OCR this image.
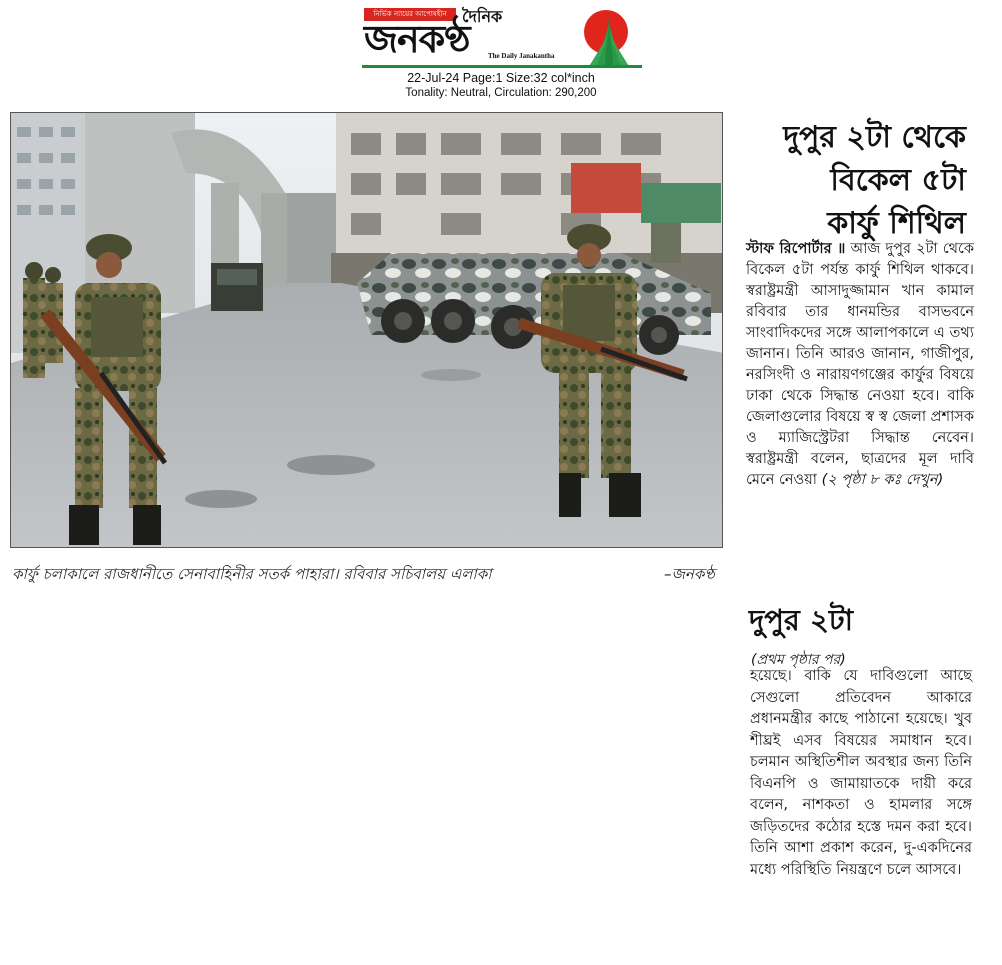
নির্ভিক ন্যায়ের আপোষহীন দৈনিক
জনকণ্ঠ	The Daily Janakantha
22-Jul-24 Page:1 Size:32 col*inch
Tonality: Neutral, Circulation: 290,200
কার্ফু চলাকালে রাজধানীতে সেনাবাহিনীর সতর্ক পাহারা। রবিবার সচিবালয় এলাকা	–জনকণ্ঠ
দুপুর ২টা থেকে
বিকেল ৫টা
কার্ফু শিথিল
স্টাফ রিপোর্টার ॥ আজ দুপুর ২টা থেকে বিকেল ৫টা পর্যন্ত কার্ফু শিথিল থাকবে। স্বরাষ্ট্রমন্ত্রী আসাদুজ্জামান খান কামাল রবিবার তার ধানমন্ডির বাসভবনে সাংবাদিকদের সঙ্গে আলাপকালে এ তথ্য জানান। তিনি আরও জানান, গাজীপুর, নরসিংদী ও নারায়ণগঞ্জের কার্ফুর বিষয়ে ঢাকা থেকে সিদ্ধান্ত নেওয়া হবে। বাকি জেলাগুলোর বিষয়ে স্ব স্ব জেলা প্রশাসক ও ম্যাজিস্ট্রেটরা সিদ্ধান্ত নেবেন। স্বরাষ্ট্রমন্ত্রী বলেন, ছাত্রদের মূল দাবি মেনে নেওয়া (২ পৃষ্ঠা ৮ কঃ দেখুন)
দুপুর ২টা
(প্রথম পৃষ্ঠার পর)
হয়েছে। বাকি যে দাবিগুলো আছে সেগুলো প্রতিবেদন আকারে প্রধানমন্ত্রীর কাছে পাঠানো হয়েছে। খুব শীঘ্রই এসব বিষয়ের সমাধান হবে। চলমান অস্থিতিশীল অবস্থার জন্য তিনি বিএনপি ও জামায়াতকে দায়ী করে বলেন, নাশকতা ও হামলার সঙ্গে জড়িতদের কঠোর হস্তে দমন করা হবে। তিনি আশা প্রকাশ করেন, দু-একদিনের মধ্যে পরিস্থিতি নিয়ন্ত্রণে চলে আসবে।
